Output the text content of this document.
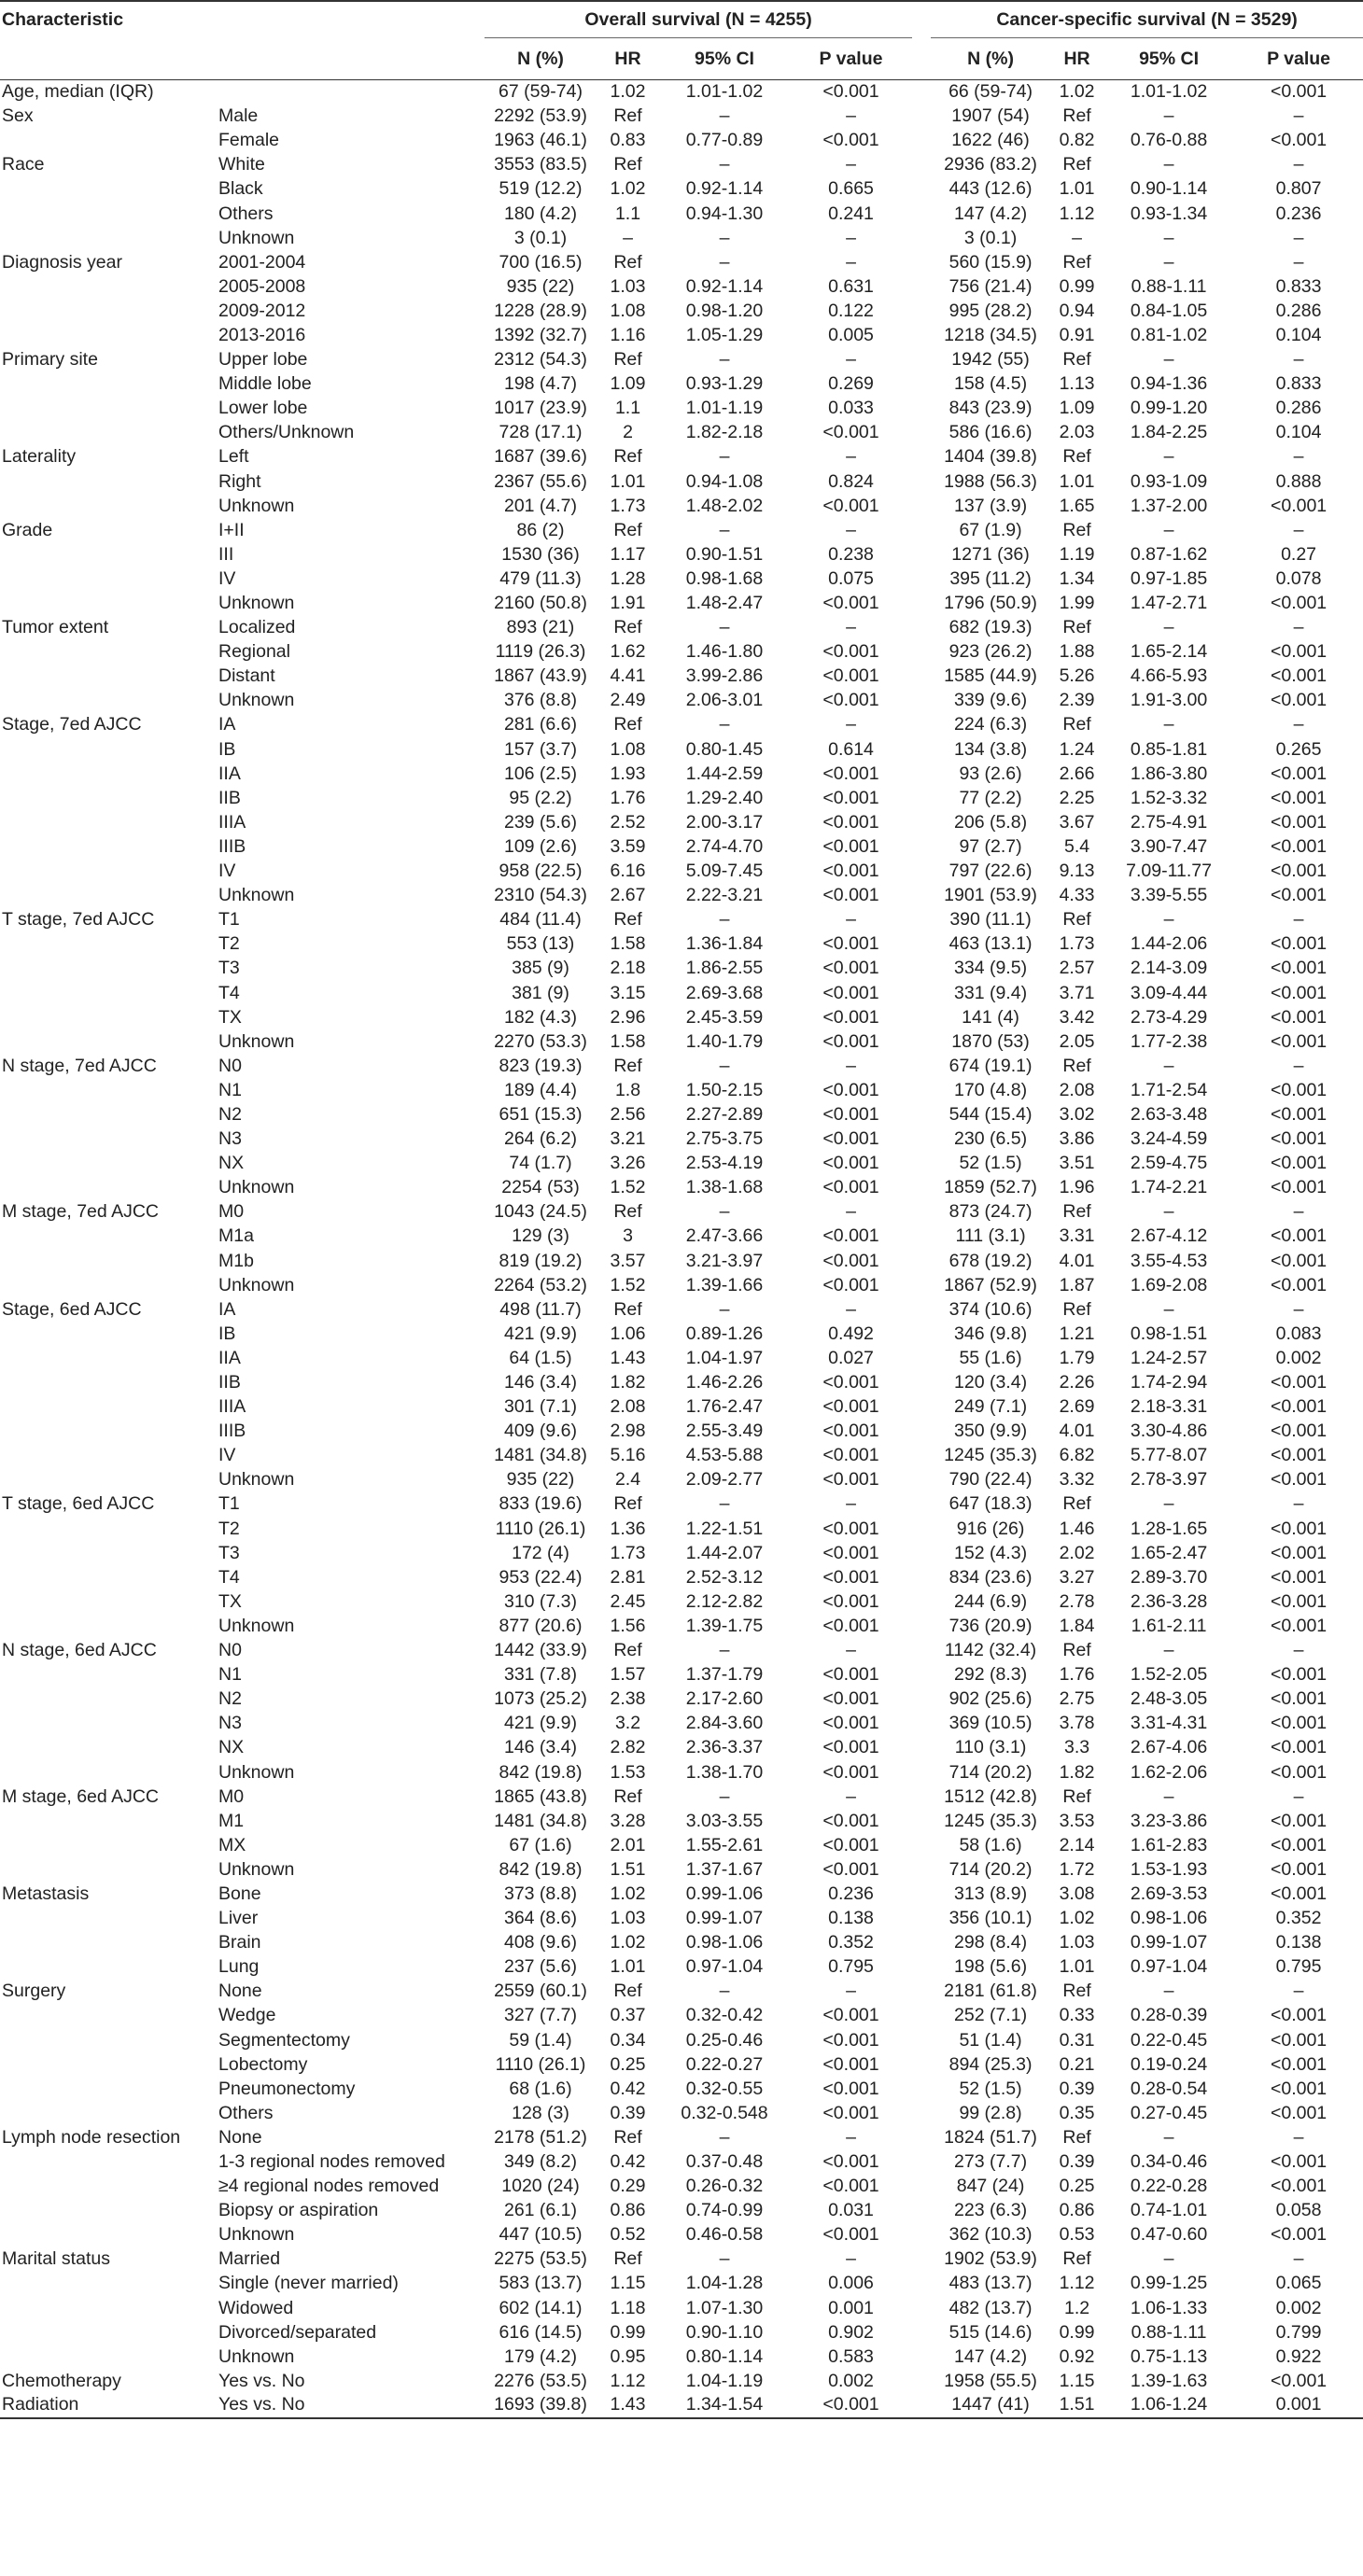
Characteristic		Overall survival (N = 4255)					Cancer-specific survival (N = 3529)			
		N (%)	HR	95% CI	P value		N (%)	HR	95% CI	P value
Age, median (IQR)		67 (59-74)	1.02	1.01-1.02	<0.001		66 (59-74)	1.02	1.01-1.02	<0.001
Sex	Male	2292 (53.9)	Ref	–	–		1907 (54)	Ref	–	–
	Female	1963 (46.1)	0.83	0.77-0.89	<0.001		1622 (46)	0.82	0.76-0.88	<0.001
Race	White	3553 (83.5)	Ref	–	–		2936 (83.2)	Ref	–	–
	Black	519 (12.2)	1.02	0.92-1.14	0.665		443 (12.6)	1.01	0.90-1.14	0.807
	Others	180 (4.2)	1.1	0.94-1.30	0.241		147 (4.2)	1.12	0.93-1.34	0.236
	Unknown	3 (0.1)	–	–	–		3 (0.1)	–	–	–
Diagnosis year	2001-2004	700 (16.5)	Ref	–	–		560 (15.9)	Ref	–	–
	2005-2008	935 (22)	1.03	0.92-1.14	0.631		756 (21.4)	0.99	0.88-1.11	0.833
	2009-2012	1228 (28.9)	1.08	0.98-1.20	0.122		995 (28.2)	0.94	0.84-1.05	0.286
	2013-2016	1392 (32.7)	1.16	1.05-1.29	0.005		1218 (34.5)	0.91	0.81-1.02	0.104
Primary site	Upper lobe	2312 (54.3)	Ref	–	–		1942 (55)	Ref	–	–
	Middle lobe	198 (4.7)	1.09	0.93-1.29	0.269		158 (4.5)	1.13	0.94-1.36	0.833
	Lower lobe	1017 (23.9)	1.1	1.01-1.19	0.033		843 (23.9)	1.09	0.99-1.20	0.286
	Others/Unknown	728 (17.1)	2	1.82-2.18	<0.001		586 (16.6)	2.03	1.84-2.25	0.104
Laterality	Left	1687 (39.6)	Ref	–	–		1404 (39.8)	Ref	–	–
	Right	2367 (55.6)	1.01	0.94-1.08	0.824		1988 (56.3)	1.01	0.93-1.09	0.888
	Unknown	201 (4.7)	1.73	1.48-2.02	<0.001		137 (3.9)	1.65	1.37-2.00	<0.001
Grade	I+II	86 (2)	Ref	–	–		67 (1.9)	Ref	–	–
	III	1530 (36)	1.17	0.90-1.51	0.238		1271 (36)	1.19	0.87-1.62	0.27
	IV	479 (11.3)	1.28	0.98-1.68	0.075		395 (11.2)	1.34	0.97-1.85	0.078
	Unknown	2160 (50.8)	1.91	1.48-2.47	<0.001		1796 (50.9)	1.99	1.47-2.71	<0.001
Tumor extent	Localized	893 (21)	Ref	–	–		682 (19.3)	Ref	–	–
	Regional	1119 (26.3)	1.62	1.46-1.80	<0.001		923 (26.2)	1.88	1.65-2.14	<0.001
	Distant	1867 (43.9)	4.41	3.99-2.86	<0.001		1585 (44.9)	5.26	4.66-5.93	<0.001
	Unknown	376 (8.8)	2.49	2.06-3.01	<0.001		339 (9.6)	2.39	1.91-3.00	<0.001
Stage, 7ed AJCC	IA	281 (6.6)	Ref	–	–		224 (6.3)	Ref	–	–
	IB	157 (3.7)	1.08	0.80-1.45	0.614		134 (3.8)	1.24	0.85-1.81	0.265
	IIA	106 (2.5)	1.93	1.44-2.59	<0.001		93 (2.6)	2.66	1.86-3.80	<0.001
	IIB	95 (2.2)	1.76	1.29-2.40	<0.001		77 (2.2)	2.25	1.52-3.32	<0.001
	IIIA	239 (5.6)	2.52	2.00-3.17	<0.001		206 (5.8)	3.67	2.75-4.91	<0.001
	IIIB	109 (2.6)	3.59	2.74-4.70	<0.001		97 (2.7)	5.4	3.90-7.47	<0.001
	IV	958 (22.5)	6.16	5.09-7.45	<0.001		797 (22.6)	9.13	7.09-11.77	<0.001
	Unknown	2310 (54.3)	2.67	2.22-3.21	<0.001		1901 (53.9)	4.33	3.39-5.55	<0.001
T stage, 7ed AJCC	T1	484 (11.4)	Ref	–	–		390 (11.1)	Ref	–	–
	T2	553 (13)	1.58	1.36-1.84	<0.001		463 (13.1)	1.73	1.44-2.06	<0.001
	T3	385 (9)	2.18	1.86-2.55	<0.001		334 (9.5)	2.57	2.14-3.09	<0.001
	T4	381 (9)	3.15	2.69-3.68	<0.001		331 (9.4)	3.71	3.09-4.44	<0.001
	TX	182 (4.3)	2.96	2.45-3.59	<0.001		141 (4)	3.42	2.73-4.29	<0.001
	Unknown	2270 (53.3)	1.58	1.40-1.79	<0.001		1870 (53)	2.05	1.77-2.38	<0.001
N stage, 7ed AJCC	N0	823 (19.3)	Ref	–	–		674 (19.1)	Ref	–	–
	N1	189 (4.4)	1.8	1.50-2.15	<0.001		170 (4.8)	2.08	1.71-2.54	<0.001
	N2	651 (15.3)	2.56	2.27-2.89	<0.001		544 (15.4)	3.02	2.63-3.48	<0.001
	N3	264 (6.2)	3.21	2.75-3.75	<0.001		230 (6.5)	3.86	3.24-4.59	<0.001
	NX	74 (1.7)	3.26	2.53-4.19	<0.001		52 (1.5)	3.51	2.59-4.75	<0.001
	Unknown	2254 (53)	1.52	1.38-1.68	<0.001		1859 (52.7)	1.96	1.74-2.21	<0.001
M stage, 7ed AJCC	M0	1043 (24.5)	Ref	–	–		873 (24.7)	Ref	–	–
	M1a	129 (3)	3	2.47-3.66	<0.001		111 (3.1)	3.31	2.67-4.12	<0.001
	M1b	819 (19.2)	3.57	3.21-3.97	<0.001		678 (19.2)	4.01	3.55-4.53	<0.001
	Unknown	2264 (53.2)	1.52	1.39-1.66	<0.001		1867 (52.9)	1.87	1.69-2.08	<0.001
Stage, 6ed AJCC	IA	498 (11.7)	Ref	–	–		374 (10.6)	Ref	–	–
	IB	421 (9.9)	1.06	0.89-1.26	0.492		346 (9.8)	1.21	0.98-1.51	0.083
	IIA	64 (1.5)	1.43	1.04-1.97	0.027		55 (1.6)	1.79	1.24-2.57	0.002
	IIB	146 (3.4)	1.82	1.46-2.26	<0.001		120 (3.4)	2.26	1.74-2.94	<0.001
	IIIA	301 (7.1)	2.08	1.76-2.47	<0.001		249 (7.1)	2.69	2.18-3.31	<0.001
	IIIB	409 (9.6)	2.98	2.55-3.49	<0.001		350 (9.9)	4.01	3.30-4.86	<0.001
	IV	1481 (34.8)	5.16	4.53-5.88	<0.001		1245 (35.3)	6.82	5.77-8.07	<0.001
	Unknown	935 (22)	2.4	2.09-2.77	<0.001		790 (22.4)	3.32	2.78-3.97	<0.001
T stage, 6ed AJCC	T1	833 (19.6)	Ref	–	–		647 (18.3)	Ref	–	–
	T2	1110 (26.1)	1.36	1.22-1.51	<0.001		916 (26)	1.46	1.28-1.65	<0.001
	T3	172 (4)	1.73	1.44-2.07	<0.001		152 (4.3)	2.02	1.65-2.47	<0.001
	T4	953 (22.4)	2.81	2.52-3.12	<0.001		834 (23.6)	3.27	2.89-3.70	<0.001
	TX	310 (7.3)	2.45	2.12-2.82	<0.001		244 (6.9)	2.78	2.36-3.28	<0.001
	Unknown	877 (20.6)	1.56	1.39-1.75	<0.001		736 (20.9)	1.84	1.61-2.11	<0.001
N stage, 6ed AJCC	N0	1442 (33.9)	Ref	–	–		1142 (32.4)	Ref	–	–
	N1	331 (7.8)	1.57	1.37-1.79	<0.001		292 (8.3)	1.76	1.52-2.05	<0.001
	N2	1073 (25.2)	2.38	2.17-2.60	<0.001		902 (25.6)	2.75	2.48-3.05	<0.001
	N3	421 (9.9)	3.2	2.84-3.60	<0.001		369 (10.5)	3.78	3.31-4.31	<0.001
	NX	146 (3.4)	2.82	2.36-3.37	<0.001		110 (3.1)	3.3	2.67-4.06	<0.001
	Unknown	842 (19.8)	1.53	1.38-1.70	<0.001		714 (20.2)	1.82	1.62-2.06	<0.001
M stage, 6ed AJCC	M0	1865 (43.8)	Ref	–	–		1512 (42.8)	Ref	–	–
	M1	1481 (34.8)	3.28	3.03-3.55	<0.001		1245 (35.3)	3.53	3.23-3.86	<0.001
	MX	67 (1.6)	2.01	1.55-2.61	<0.001		58 (1.6)	2.14	1.61-2.83	<0.001
	Unknown	842 (19.8)	1.51	1.37-1.67	<0.001		714 (20.2)	1.72	1.53-1.93	<0.001
Metastasis	Bone	373 (8.8)	1.02	0.99-1.06	0.236		313 (8.9)	3.08	2.69-3.53	<0.001
	Liver	364 (8.6)	1.03	0.99-1.07	0.138		356 (10.1)	1.02	0.98-1.06	0.352
	Brain	408 (9.6)	1.02	0.98-1.06	0.352		298 (8.4)	1.03	0.99-1.07	0.138
	Lung	237 (5.6)	1.01	0.97-1.04	0.795		198 (5.6)	1.01	0.97-1.04	0.795
Surgery	None	2559 (60.1)	Ref	–	–		2181 (61.8)	Ref	–	–
	Wedge	327 (7.7)	0.37	0.32-0.42	<0.001		252 (7.1)	0.33	0.28-0.39	<0.001
	Segmentectomy	59 (1.4)	0.34	0.25-0.46	<0.001		51 (1.4)	0.31	0.22-0.45	<0.001
	Lobectomy	1110 (26.1)	0.25	0.22-0.27	<0.001		894 (25.3)	0.21	0.19-0.24	<0.001
	Pneumonectomy	68 (1.6)	0.42	0.32-0.55	<0.001		52 (1.5)	0.39	0.28-0.54	<0.001
	Others	128 (3)	0.39	0.32-0.548	<0.001		99 (2.8)	0.35	0.27-0.45	<0.001
Lymph node resection	None	2178 (51.2)	Ref	–	–		1824 (51.7)	Ref	–	–
	1-3 regional nodes removed	349 (8.2)	0.42	0.37-0.48	<0.001		273 (7.7)	0.39	0.34-0.46	<0.001
	≥4 regional nodes removed	1020 (24)	0.29	0.26-0.32	<0.001		847 (24)	0.25	0.22-0.28	<0.001
	Biopsy or aspiration	261 (6.1)	0.86	0.74-0.99	0.031		223 (6.3)	0.86	0.74-1.01	0.058
	Unknown	447 (10.5)	0.52	0.46-0.58	<0.001		362 (10.3)	0.53	0.47-0.60	<0.001
Marital status	Married	2275 (53.5)	Ref	–	–		1902 (53.9)	Ref	–	–
	Single (never married)	583 (13.7)	1.15	1.04-1.28	0.006		483 (13.7)	1.12	0.99-1.25	0.065
	Widowed	602 (14.1)	1.18	1.07-1.30	0.001		482 (13.7)	1.2	1.06-1.33	0.002
	Divorced/separated	616 (14.5)	0.99	0.90-1.10	0.902		515 (14.6)	0.99	0.88-1.11	0.799
	Unknown	179 (4.2)	0.95	0.80-1.14	0.583		147 (4.2)	0.92	0.75-1.13	0.922
Chemotherapy	Yes vs. No	2276 (53.5)	1.12	1.04-1.19	0.002		1958 (55.5)	1.15	1.39-1.63	<0.001
Radiation	Yes vs. No	1693 (39.8)	1.43	1.34-1.54	<0.001		1447 (41)	1.51	1.06-1.24	0.001
